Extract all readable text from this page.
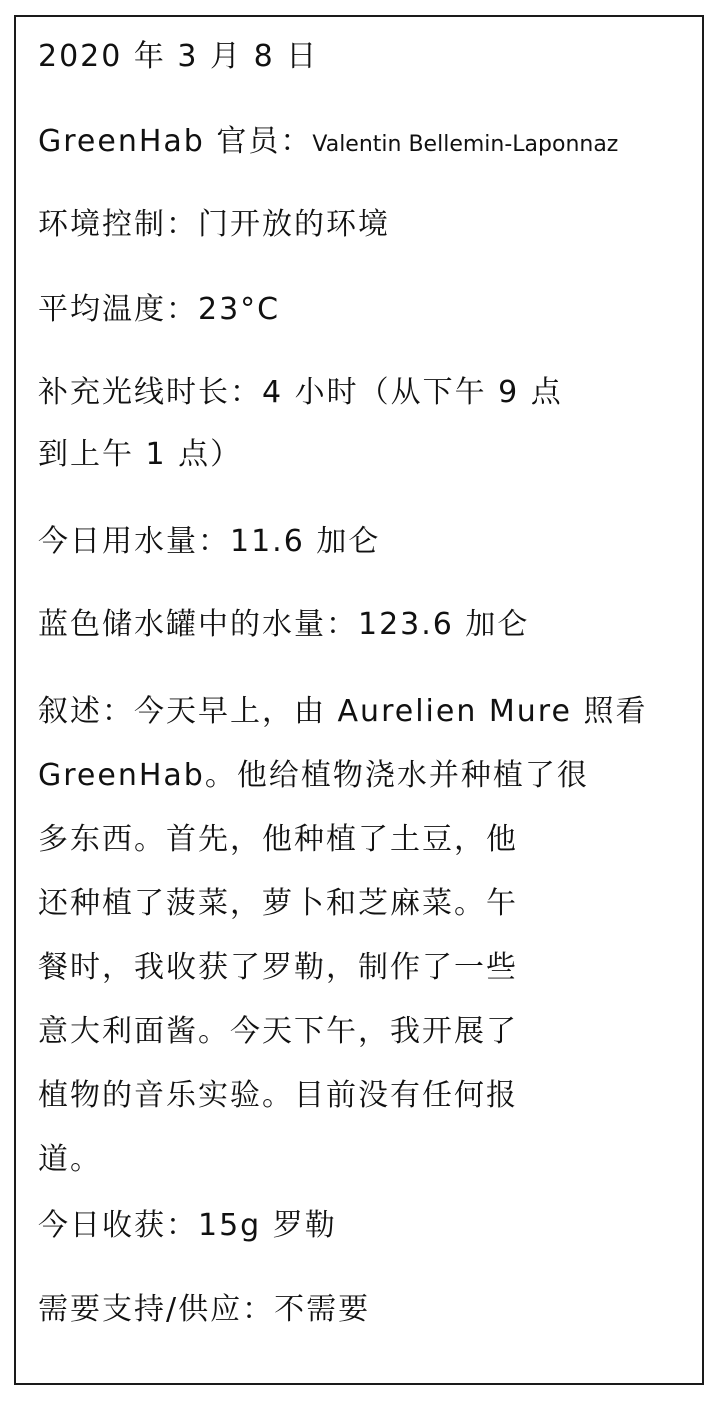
2020 年 3 月 8 日
GreenHab 官员：Valentin Bellemin-Laponnaz
环境控制：门开放的环境
平均温度：23°C
补充光线时长：4 小时（从下午 9 点
到上午 1 点）
今日用水量：11.6 加仑
蓝色储水罐中的水量：123.6 加仑
叙述：今天早上，由 Aurelien Mure 照看
GreenHab。他给植物浇水并种植了很
多东西。首先，他种植了土豆，他
还种植了菠菜，萝卜和芝麻菜。午
餐时，我收获了罗勒，制作了一些
意大利面酱。今天下午，我开展了
植物的音乐实验。目前没有任何报
道。
今日收获：15g 罗勒
需要支持/供应：不需要
